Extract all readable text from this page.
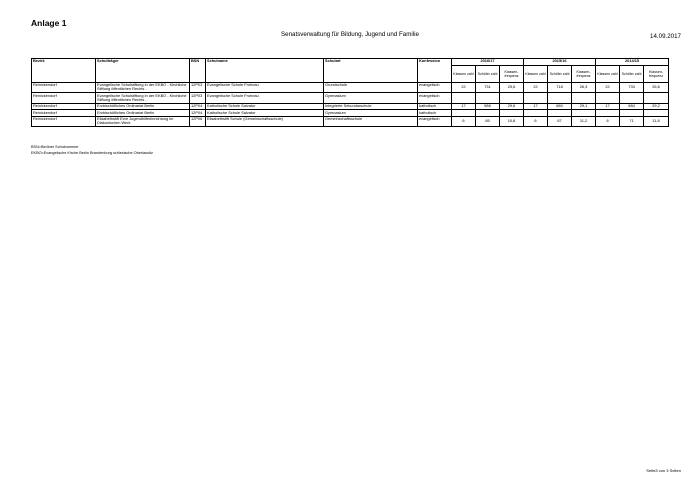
Anlage 1
Senatsverwaltung für Bildung, Jugend und Familie	14.09.2017
Bezirk	Schulträger	BSN	Schulname	Schulart	Konfession	2016/17			2015/16			2014/15		
						Klassen zahl	Schüler zahl	Klassen-frequenz	Klassen zahl	Schüler zahl	Klassen-frequenz	Klassen zahl	Schüler zahl	Klassen-frequenz
Reinickendorf	Evangelische Schulstiftung in der EKBO - Kirchliche Stiftung öffentlichen Rechts -	12P03	Evangelische Schule Frohnau	Grundschule	evangelisch	22	731	25,6	22	718	26,3	22	733	26,6
Reinickendorf	Evangelische Schulstiftung in der EKBO - Kirchliche Stiftung öffentlichen Rechts -	12P03	Evangelische Schule Frohnau	Gymnasium	evangelisch									
Reinickendorf	Erzbischöfliches Ordinariat Berlin	12P04	Katholische Schule Salvator	Integrierte Sekundarschule	katholisch	17	586	29,6	17	680	29,1	17	684	29,2
Reinickendorf	Erzbischöfliches Ordinariat Berlin	12P04	Katholische Schule Salvator	Gymnasium	katholisch									
Reinickendorf	Elisabethstift Evre Jugendhilfeeinrichtung im Diakonischen Werk	12P06	Elisabethstift Schule (Gemeinschaftsschule)	Gemeinschaftsschule	evangelisch	6	65	10,8	6	67	11,2	6	71	11,8
BSN=Berliner Schulnummer
EKBO=Evangelische Kirche Berlin Brandenburg schlesische Oberlausitz
Seite3 von 3 Seiten
